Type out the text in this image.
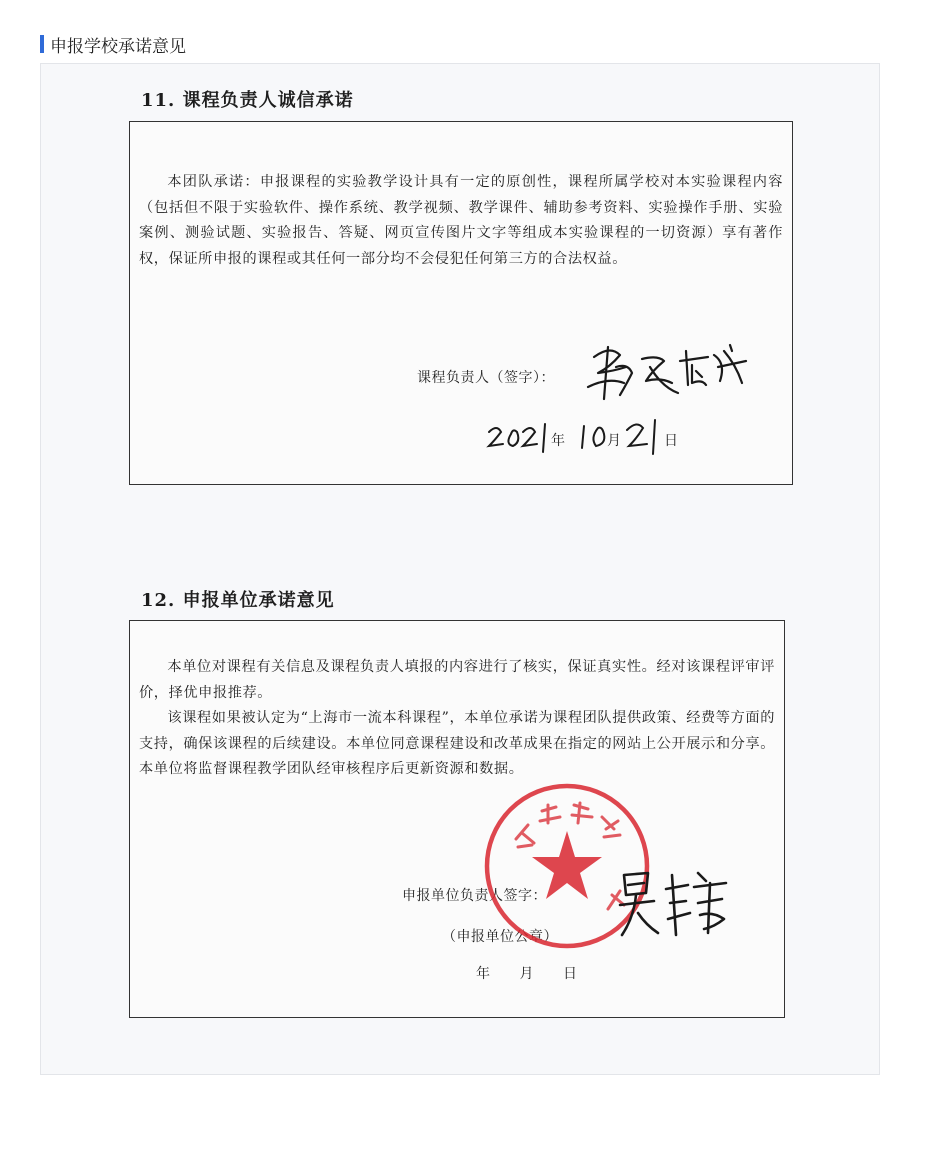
申报学校承诺意见
11. 课程负责人诚信承诺

本团队承诺：申报课程的实验教学设计具有一定的原创性，课程所属学校对本实验课程内容（包括但不限于实验软件、操作系统、教学视频、教学课件、辅助参考资料、实验操作手册、实验案例、测验试题、实验报告、答疑、网页宣传图片文字等组成本实验课程的一切资源）享有著作权，保证所申报的课程或其任何一部分均不会侵犯任何第三方的合法权益。

课程负责人（签字）：
年	月	日
12. 申报单位承诺意见

本单位对课程有关信息及课程负责人填报的内容进行了核实，保证真实性。经对该课程评审评价，择优申报推荐。

该课程如果被认定为“上海市一流本科课程”，本单位承诺为课程团队提供政策、经费等方面的支持，确保该课程的后续建设。本单位同意课程建设和改革成果在指定的网站上公开展示和分享。本单位将监督课程教学团队经审核程序后更新资源和数据。

申报单位负责人签字：
（申报单位公章）
年　　月　　日
